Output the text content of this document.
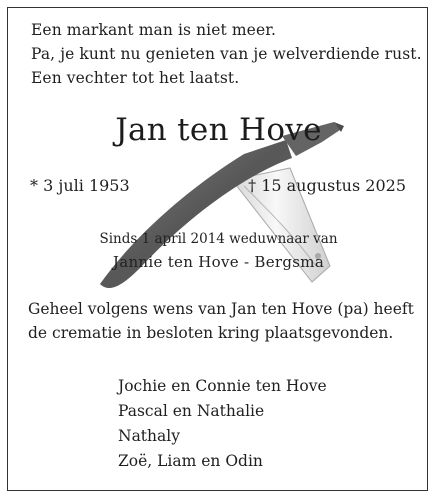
Een markant man is niet meer.
Pa, je kunt nu genieten van je welverdiende rust.
Een vechter tot het laatst.
Jan ten Hove
* 3 juli 1953	† 15 augustus 2025
Sinds 1 april 2014 weduwnaar van
Jannie ten Hove - Bergsma
Geheel volgens wens van Jan ten Hove (pa) heeft
de crematie in besloten kring plaatsgevonden.
Jochie en Connie ten Hove
Pascal en Nathalie
Nathaly
Zoë, Liam en Odin
